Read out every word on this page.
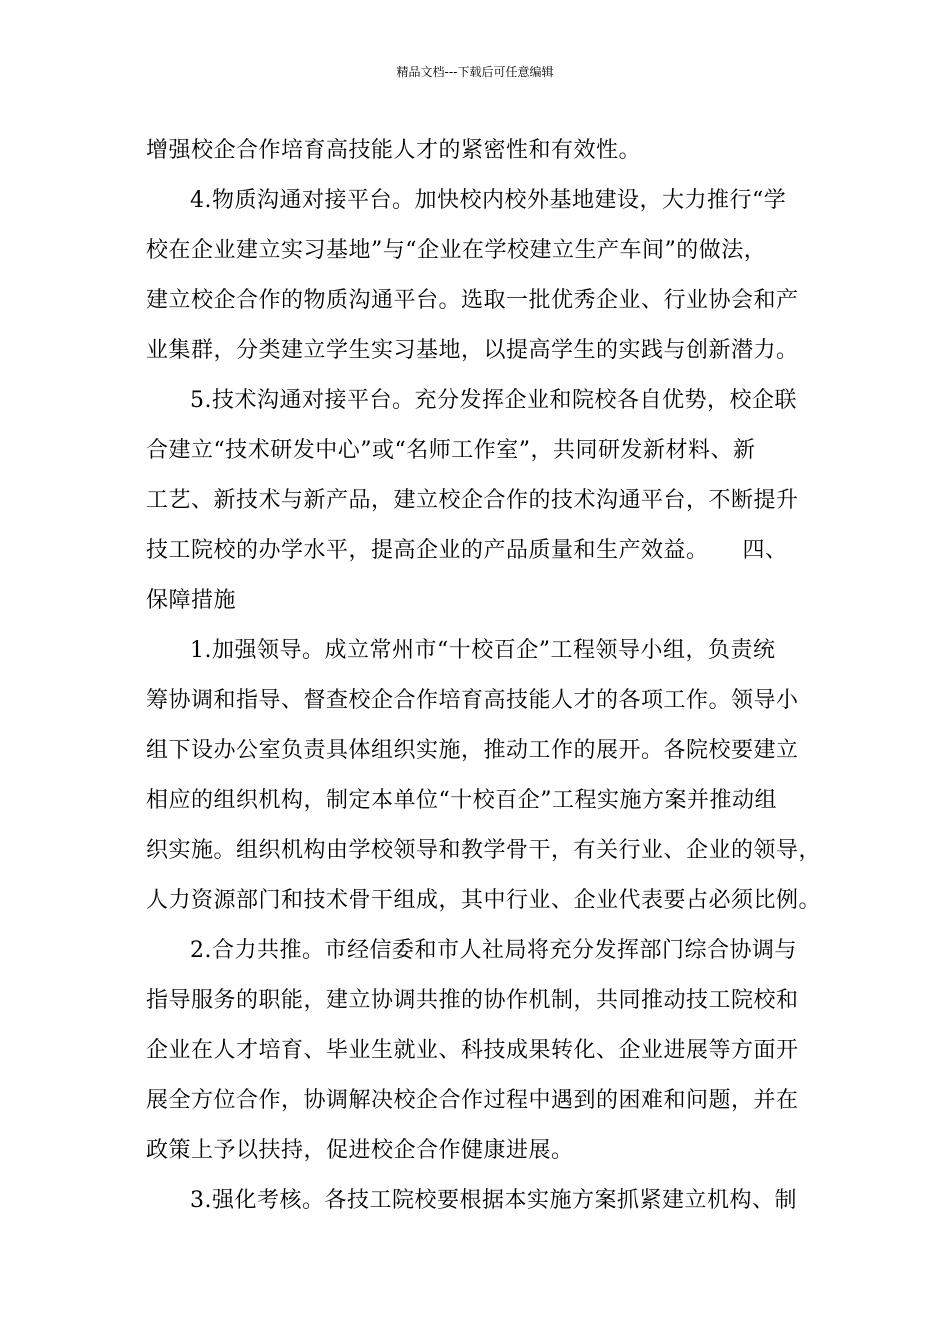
精品文档---下载后可任意编辑
增强校企合作培育高技能人才的紧密性和有效性。
4.物质沟通对接平台。加快校内校外基地建设，大力推行“学
校在企业建立实习基地”与“企业在学校建立生产车间”的做法，
建立校企合作的物质沟通平台。选取一批优秀企业、行业协会和产
业集群，分类建立学生实习基地，以提高学生的实践与创新潜力。
5.技术沟通对接平台。充分发挥企业和院校各自优势，校企联
合建立“技术研发中心”或“名师工作室”，共同研发新材料、新
工艺、新技术与新产品，建立校企合作的技术沟通平台，不断提升
技工院校的办学水平，提高企业的产品质量和生产效益。　　四、
保障措施
1.加强领导。成立常州市“十校百企”工程领导小组，负责统
筹协调和指导、督查校企合作培育高技能人才的各项工作。领导小
组下设办公室负责具体组织实施，推动工作的展开。各院校要建立
相应的组织机构，制定本单位“十校百企”工程实施方案并推动组
织实施。组织机构由学校领导和教学骨干，有关行业、企业的领导，
人力资源部门和技术骨干组成，其中行业、企业代表要占必须比例。
2.合力共推。市经信委和市人社局将充分发挥部门综合协调与
指导服务的职能，建立协调共推的协作机制，共同推动技工院校和
企业在人才培育、毕业生就业、科技成果转化、企业进展等方面开
展全方位合作，协调解决校企合作过程中遇到的困难和问题，并在
政策上予以扶持，促进校企合作健康进展。
3.强化考核。各技工院校要根据本实施方案抓紧建立机构、制
